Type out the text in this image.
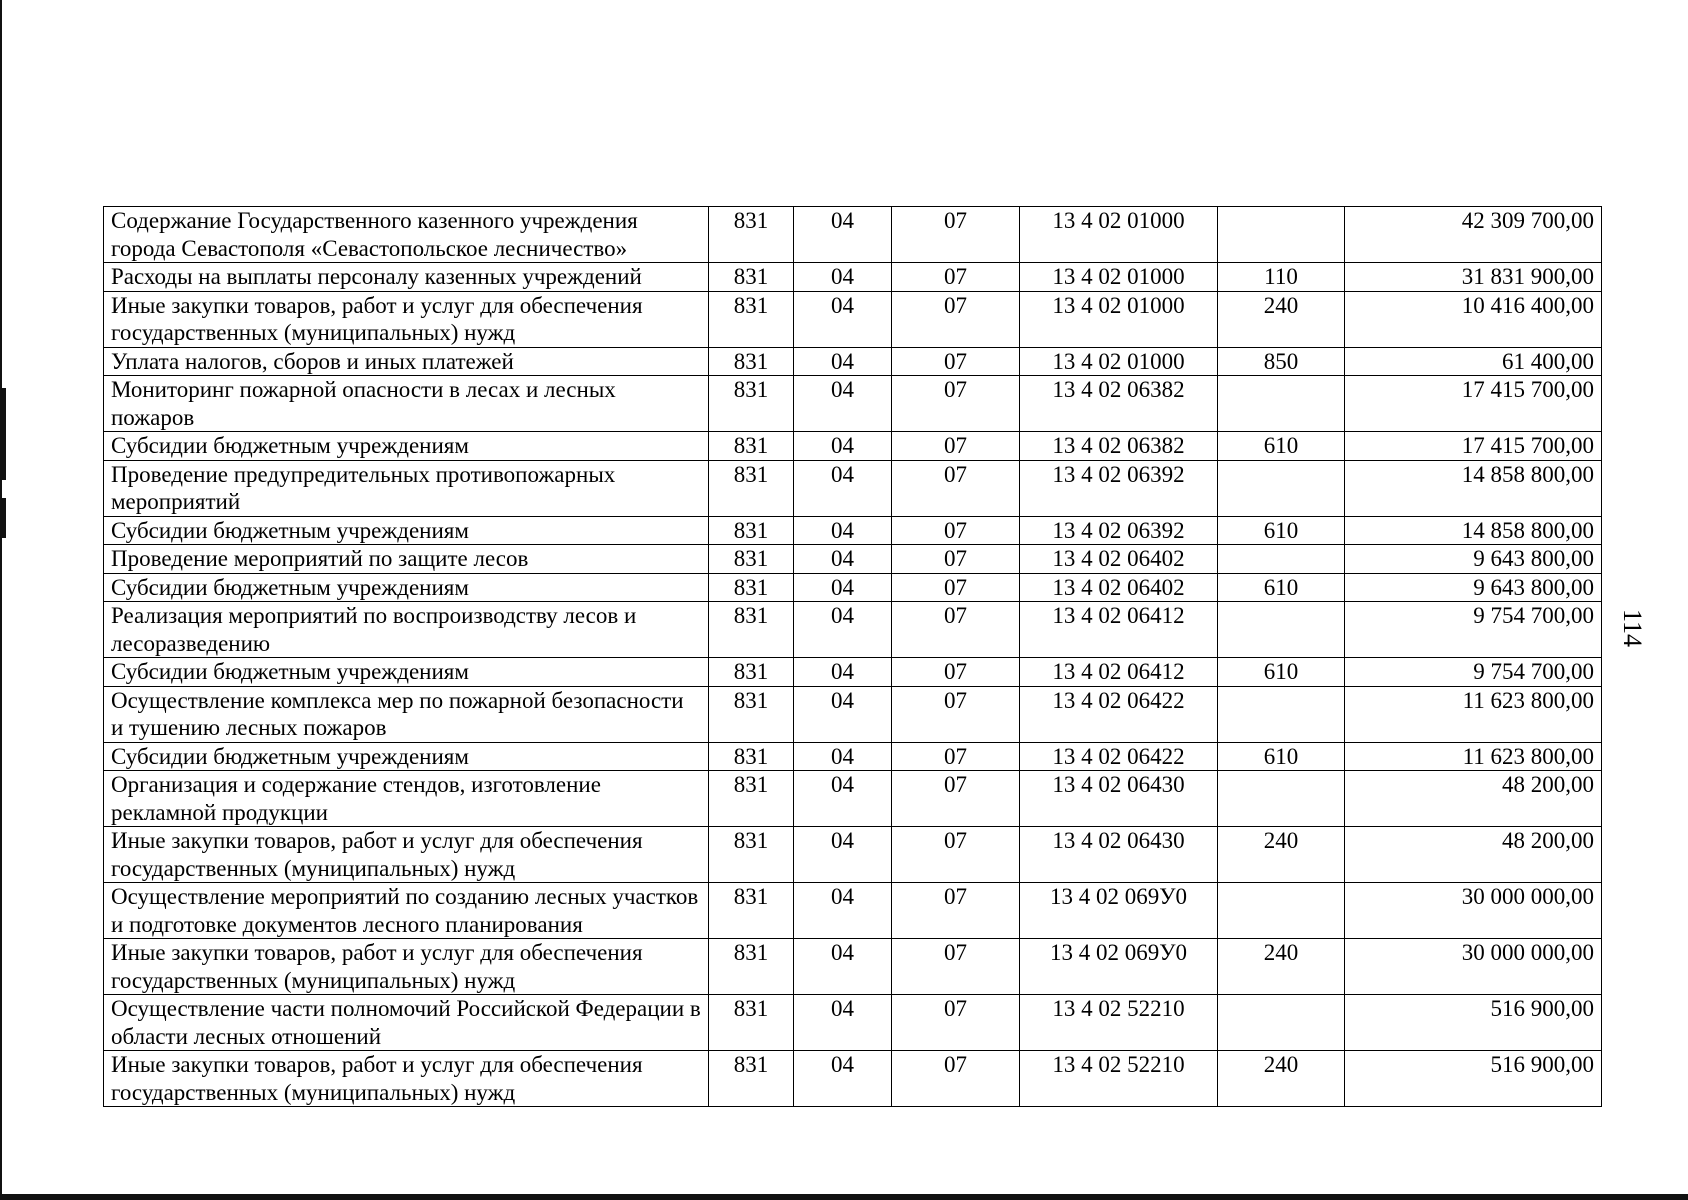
Содержание Государственного казенного учреждения города Севастополя «Севастопольское лесничество»	831	04	07	13 4 02 01000		42 309 700,00
Расходы на выплаты персоналу казенных учреждений	831	04	07	13 4 02 01000	110	31 831 900,00
Иные закупки товаров, работ и услуг для обеспечения государственных (муниципальных) нужд	831	04	07	13 4 02 01000	240	10 416 400,00
Уплата налогов, сборов и иных платежей	831	04	07	13 4 02 01000	850	61 400,00
Мониторинг пожарной опасности в лесах и лесных пожаров	831	04	07	13 4 02 06382		17 415 700,00
Субсидии бюджетным учреждениям	831	04	07	13 4 02 06382	610	17 415 700,00
Проведение предупредительных противопожарных мероприятий	831	04	07	13 4 02 06392		14 858 800,00
Субсидии бюджетным учреждениям	831	04	07	13 4 02 06392	610	14 858 800,00
Проведение мероприятий по защите лесов	831	04	07	13 4 02 06402		9 643 800,00
Субсидии бюджетным учреждениям	831	04	07	13 4 02 06402	610	9 643 800,00
Реализация мероприятий по воспроизводству лесов и лесоразведению	831	04	07	13 4 02 06412		9 754 700,00
Субсидии бюджетным учреждениям	831	04	07	13 4 02 06412	610	9 754 700,00
Осуществление комплекса мер по пожарной безопасности и тушению лесных пожаров	831	04	07	13 4 02 06422		11 623 800,00
Субсидии бюджетным учреждениям	831	04	07	13 4 02 06422	610	11 623 800,00
Организация и содержание стендов, изготовление рекламной продукции	831	04	07	13 4 02 06430		48 200,00
Иные закупки товаров, работ и услуг для обеспечения государственных (муниципальных) нужд	831	04	07	13 4 02 06430	240	48 200,00
Осуществление мероприятий по созданию лесных участков и подготовке документов лесного планирования	831	04	07	13 4 02 069У0		30 000 000,00
Иные закупки товаров, работ и услуг для обеспечения государственных (муниципальных) нужд	831	04	07	13 4 02 069У0	240	30 000 000,00
Осуществление части полномочий Российской Федерации в области лесных отношений	831	04	07	13 4 02 52210		516 900,00
Иные закупки товаров, работ и услуг для обеспечения государственных (муниципальных) нужд	831	04	07	13 4 02 52210	240	516 900,00
114
